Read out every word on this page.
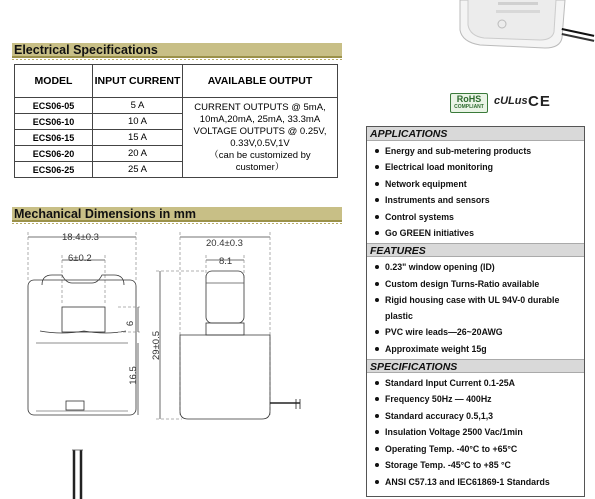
Electrical Specifications
MODEL	INPUT CURRENT	AVAILABLE OUTPUT
ECS06-05	5 A	CURRENT OUTPUTS @ 5mA,
10mA,20mA, 25mA, 33.3mA
VOLTAGE OUTPUTS @ 0.25V,
0.33V,0.5V,1V
（can be customized by customer）

ECS06-10	10 A	
ECS06-15	15 A	
ECS06-20	20 A	
ECS06-25	25 A	
Mechanical Dimensions in mm
18.4±0.3
6±0.2
6
16.5
20.4±0.3
8.1
29±0.5
RoHS
COMPLIANT cULus CE
APPLICATIONS
Energy and sub-metering products
Electrical load monitoring
Network equipment
Instruments and sensors
Control systems
Go GREEN initiatives
FEATURES
0.23" window opening (ID)
Custom design Turns-Ratio available
Rigid housing case with UL 94V-0 durable plastic
PVC wire leads—26~20AWG
Approximate weight 15g
SPECIFICATIONS
Standard Input Current 0.1-25A
Frequency 50Hz — 400Hz
Standard accuracy 0.5,1,3
Insulation Voltage 2500 Vac/1min
Operating Temp. -40°C to +65°C
Storage Temp. -45°C to +85 °C
ANSI C57.13 and IEC61869-1 Standards
